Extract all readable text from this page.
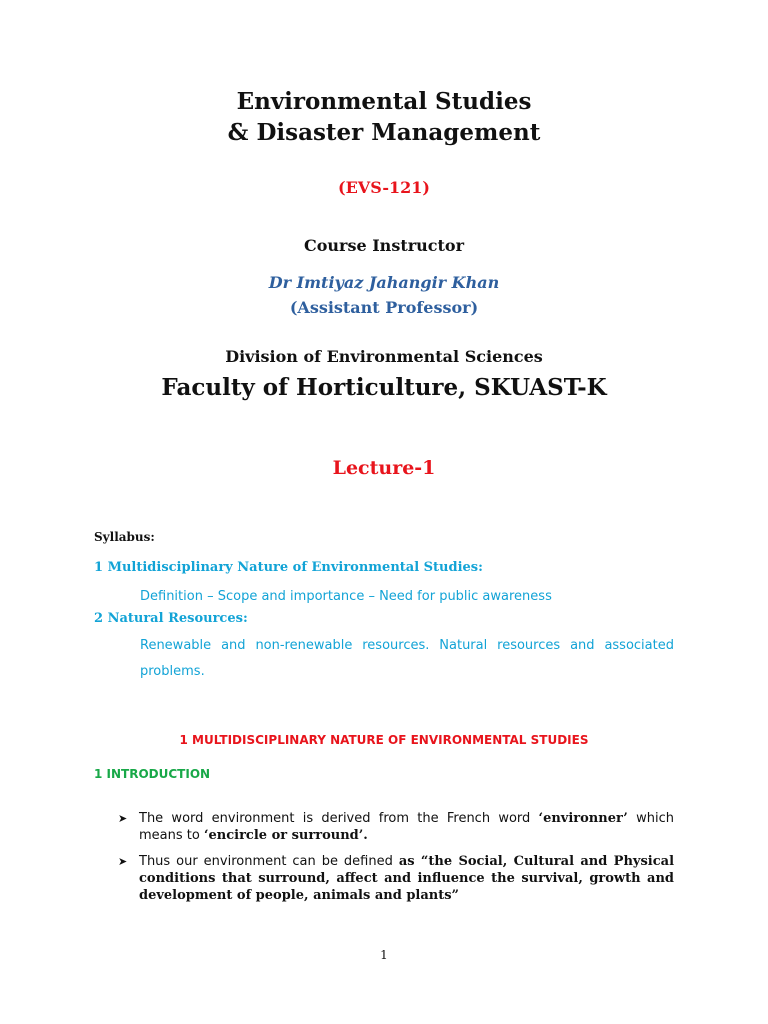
Environmental Studies
& Disaster Management
(EVS-121)
Course Instructor
Dr Imtiyaz Jahangir Khan
(Assistant Professor)
Division of Environmental Sciences
Faculty of Horticulture, SKUAST-K
Lecture-1
Syllabus:
1 Multidisciplinary Nature of Environmental Studies:
Definition – Scope and importance – Need for public awareness
2 Natural Resources:
Renewable and non-renewable resources. Natural resources and associated problems.
1 MULTIDISCIPLINARY NATURE OF ENVIRONMENTAL STUDIES
1 INTRODUCTION
➤ The word environment is derived from the French word ‘environner’ which means to ‘encircle or surround’.
➤ Thus our environment can be defined as “the Social, Cultural and Physical conditions that surround, affect and influence the survival, growth and development of people, animals and plants”
1
